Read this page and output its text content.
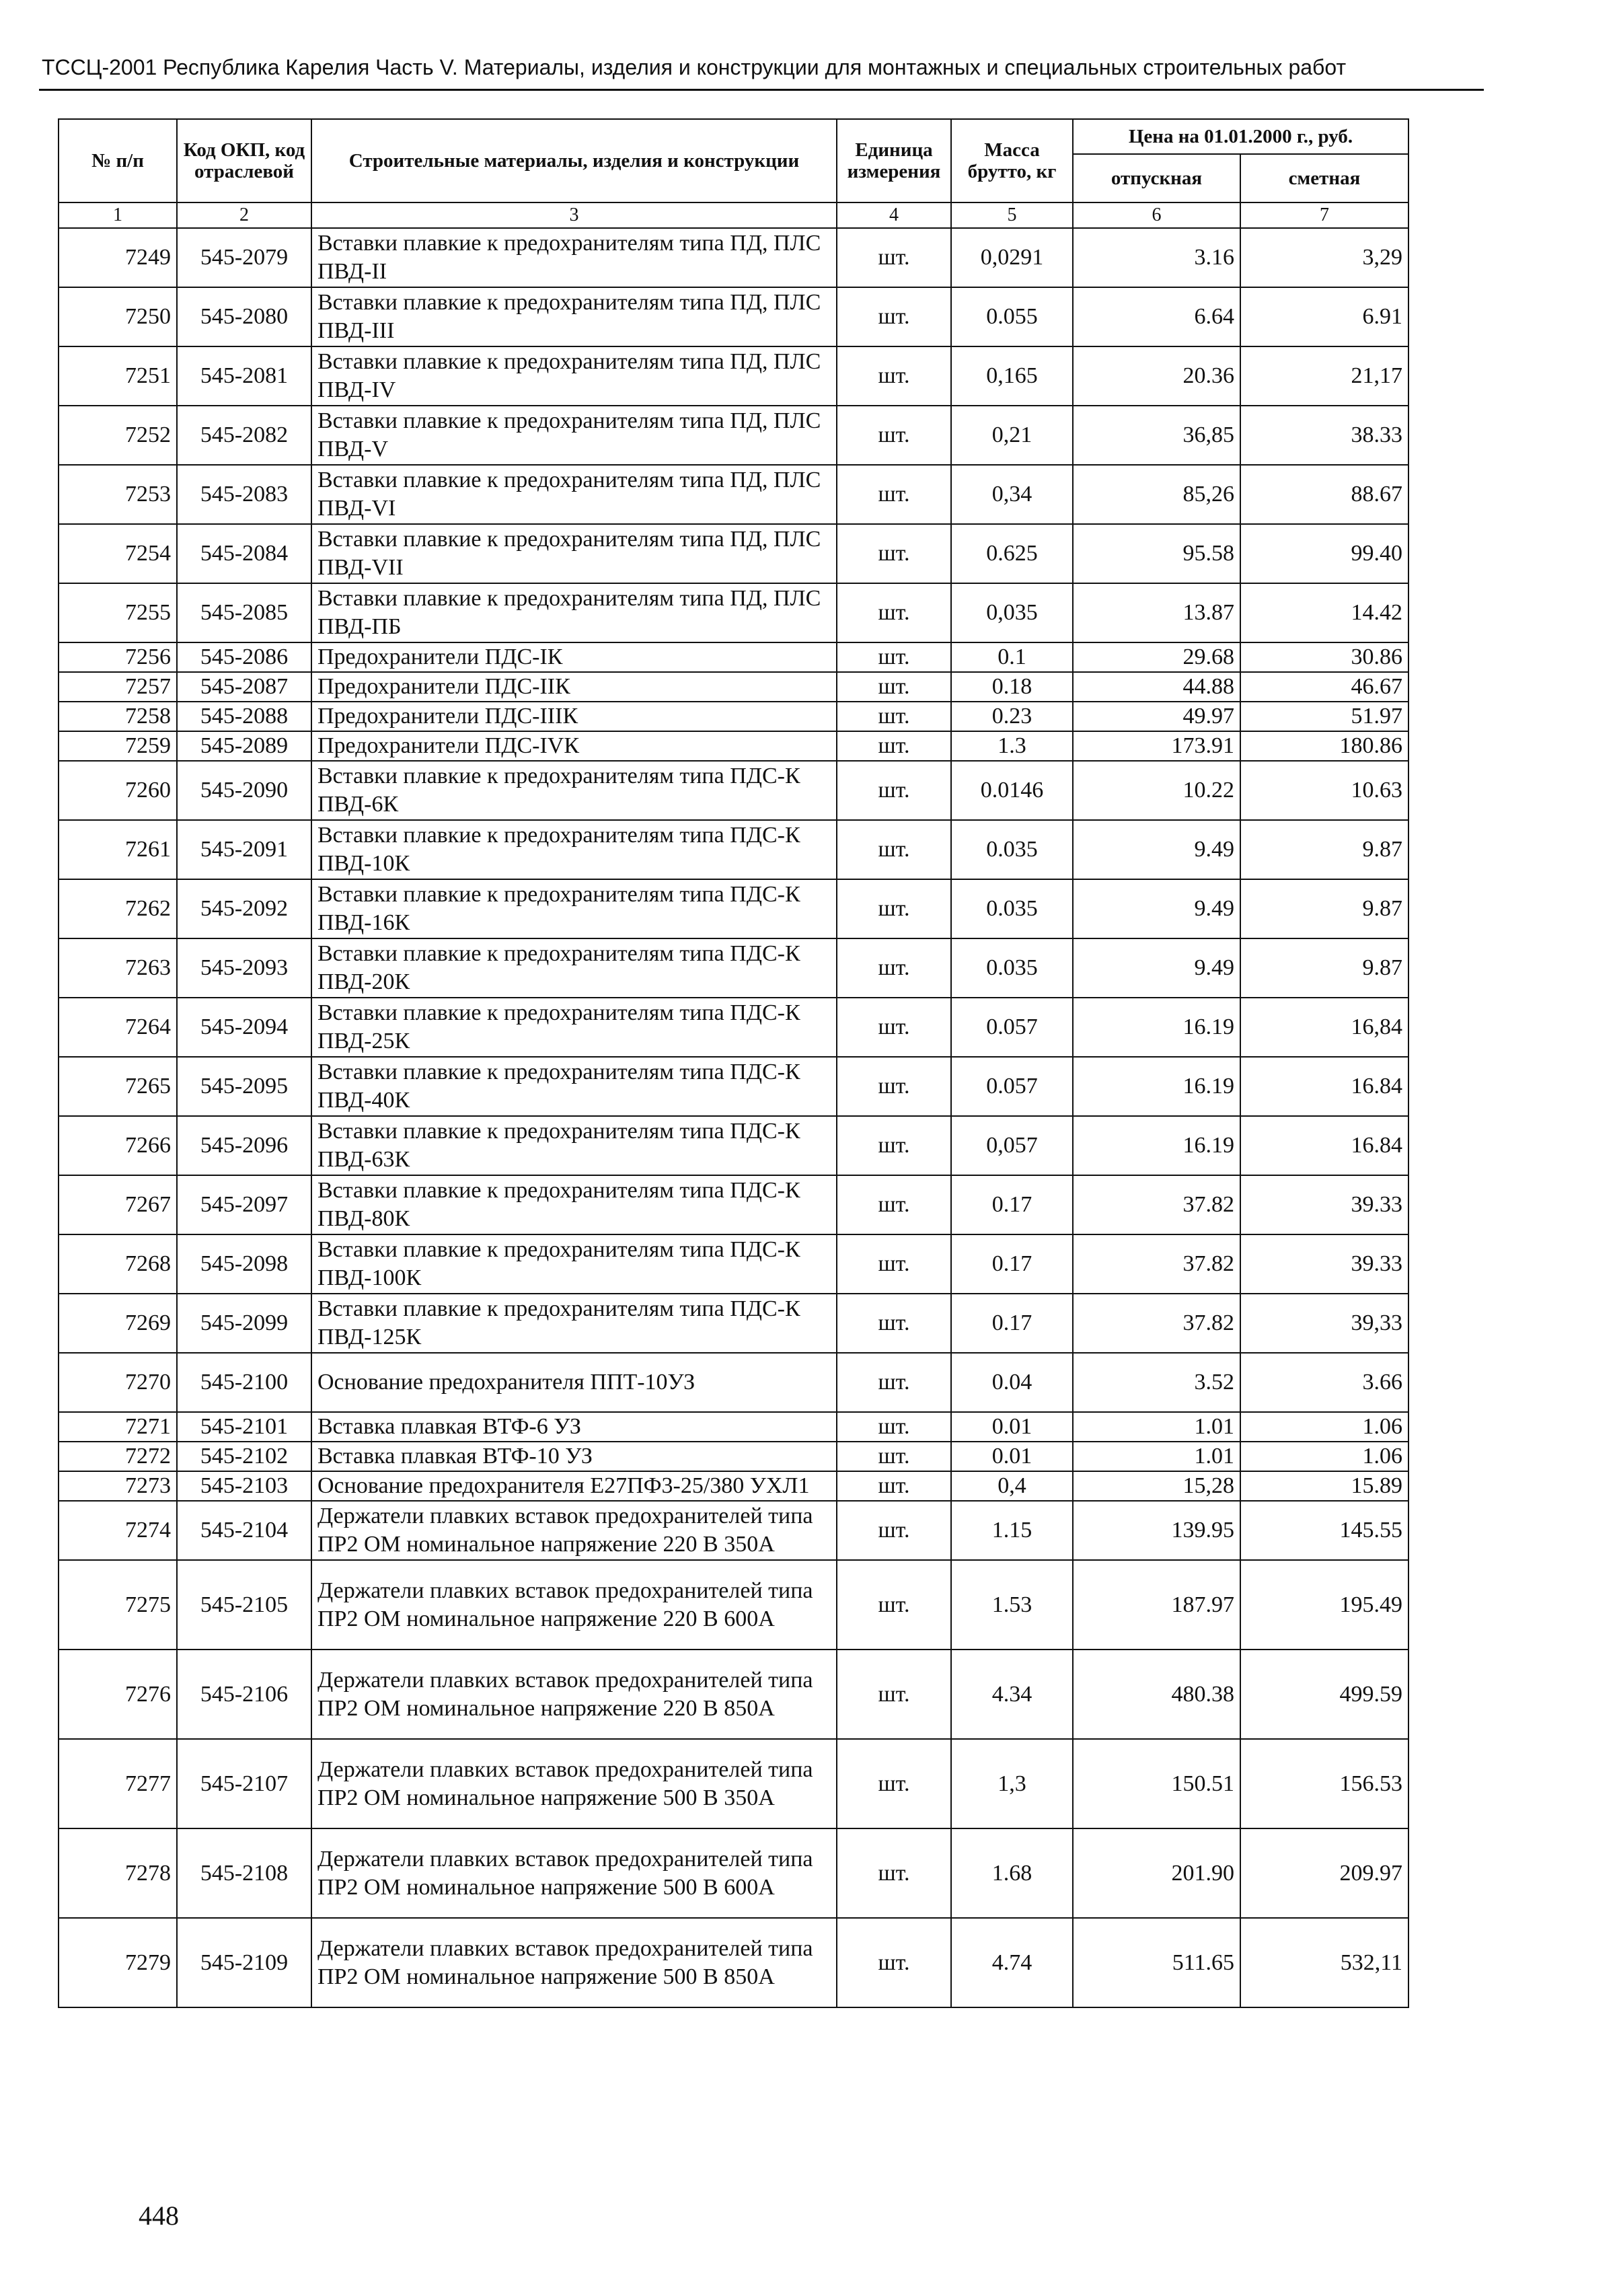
ТССЦ-2001 Республика Карелия Часть V. Материалы, изделия и конструкции для монтажных и специальных строительных работ
№ п/п	Код ОКП, код отраслевой	Строительные материалы, изделия и конструкции	Единица измерения	Масса брутто, кг	Цена на 01.01.2000 г., руб.	
					отпускная	сметная
1	2	3	4	5	6	7
7249	545-2079	Вставки плавкие к предохранителям типа ПД, ПЛС ПВД-II	шт.	0,0291	3.16	3,29
7250	545-2080	Вставки плавкие к предохранителям типа ПД, ПЛС ПВД-III	шт.	0.055	6.64	6.91
7251	545-2081	Вставки плавкие к предохранителям типа ПД, ПЛС ПВД-IV	шт.	0,165	20.36	21,17
7252	545-2082	Вставки плавкие к предохранителям типа ПД, ПЛС ПВД-V	шт.	0,21	36,85	38.33
7253	545-2083	Вставки плавкие к предохранителям типа ПД, ПЛС ПВД-VI	шт.	0,34	85,26	88.67
7254	545-2084	Вставки плавкие к предохранителям типа ПД, ПЛС ПВД-VII	шт.	0.625	95.58	99.40
7255	545-2085	Вставки плавкие к предохранителям типа ПД, ПЛС ПВД-ПБ	шт.	0,035	13.87	14.42
7256	545-2086	Предохранители ПДС-IК	шт.	0.1	29.68	30.86
7257	545-2087	Предохранители ПДС-IIК	шт.	0.18	44.88	46.67
7258	545-2088	Предохранители ПДС-IIIК	шт.	0.23	49.97	51.97
7259	545-2089	Предохранители ПДС-IVК	шт.	1.3	173.91	180.86
7260	545-2090	Вставки плавкие к предохранителям типа ПДС-К ПВД-6К	шт.	0.0146	10.22	10.63
7261	545-2091	Вставки плавкие к предохранителям типа ПДС-К ПВД-10К	шт.	0.035	9.49	9.87
7262	545-2092	Вставки плавкие к предохранителям типа ПДС-К ПВД-16К	шт.	0.035	9.49	9.87
7263	545-2093	Вставки плавкие к предохранителям типа ПДС-К ПВД-20К	шт.	0.035	9.49	9.87
7264	545-2094	Вставки плавкие к предохранителям типа ПДС-К ПВД-25К	шт.	0.057	16.19	16,84
7265	545-2095	Вставки плавкие к предохранителям типа ПДС-К ПВД-40К	шт.	0.057	16.19	16.84
7266	545-2096	Вставки плавкие к предохранителям типа ПДС-К ПВД-63К	шт.	0,057	16.19	16.84
7267	545-2097	Вставки плавкие к предохранителям типа ПДС-К ПВД-80К	шт.	0.17	37.82	39.33
7268	545-2098	Вставки плавкие к предохранителям типа ПДС-К ПВД-100К	шт.	0.17	37.82	39.33
7269	545-2099	Вставки плавкие к предохранителям типа ПДС-К ПВД-125К	шт.	0.17	37.82	39,33
7270	545-2100	Основание предохранителя ППТ-10УЗ	шт.	0.04	3.52	3.66
7271	545-2101	Вставка плавкая ВТФ-6 УЗ	шт.	0.01	1.01	1.06
7272	545-2102	Вставка плавкая ВТФ-10 УЗ	шт.	0.01	1.01	1.06
7273	545-2103	Основание предохранителя Е27ПФ3-25/380 УХЛ1	шт.	0,4	15,28	15.89
7274	545-2104	Держатели плавких вставок предохранителей типа ПР2 ОМ номинальное напряжение 220 В 350А	шт.	1.15	139.95	145.55
7275	545-2105	Держатели плавких вставок предохранителей типа ПР2 ОМ номинальное напряжение 220 В 600А	шт.	1.53	187.97	195.49
7276	545-2106	Держатели плавких вставок предохранителей типа ПР2 ОМ номинальное напряжение 220 В 850А	шт.	4.34	480.38	499.59
7277	545-2107	Держатели плавких вставок предохранителей типа ПР2 ОМ номинальное напряжение 500 В 350А	шт.	1,3	150.51	156.53
7278	545-2108	Держатели плавких вставок предохранителей типа ПР2 ОМ номинальное напряжение 500 В 600А	шт.	1.68	201.90	209.97
7279	545-2109	Держатели плавких вставок предохранителей типа ПР2 ОМ номинальное напряжение 500 В 850А	шт.	4.74	511.65	532,11
448
